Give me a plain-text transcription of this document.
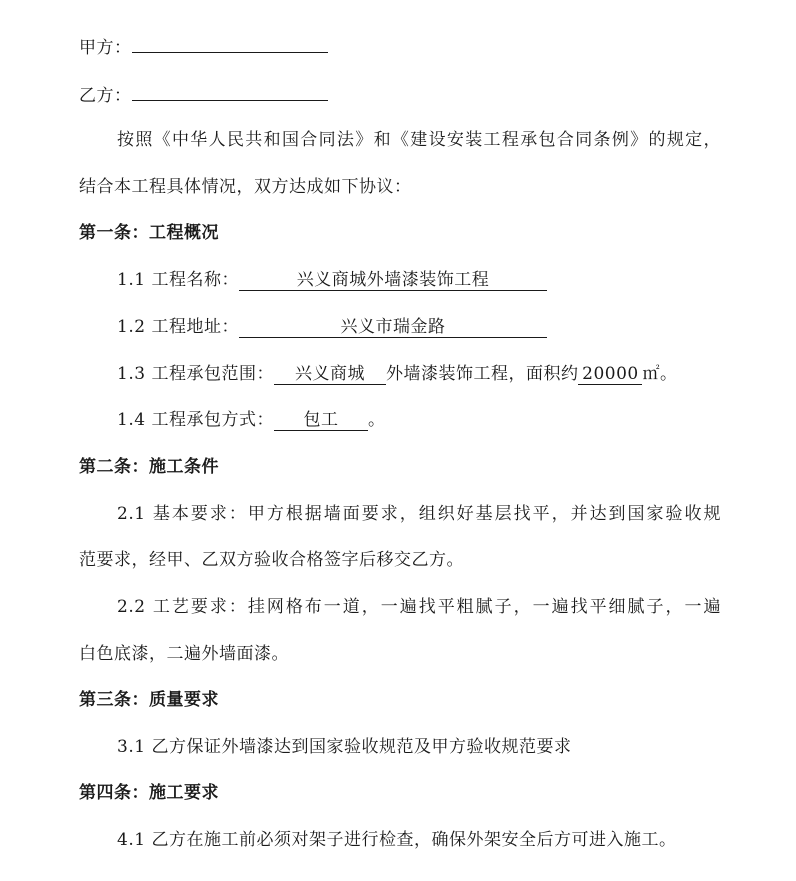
甲方：
乙方：
按照《中华人民共和国合同法》和《建设安装工程承包合同条例》的规定，
结合本工程具体情况，双方达成如下协议：
第一条：工程概况
1.1 工程名称：	兴义商城外墙漆装饰工程
1.2 工程地址：	兴义市瑞金路
1.3 工程承包范围： 兴义商城 外墙漆装饰工程，面积约 20000 ㎡。
1.4 工程承包方式： 包工 。
第二条：施工条件
2.1 基本要求：甲方根据墙面要求，组织好基层找平，并达到国家验收规
范要求，经甲、乙双方验收合格签字后移交乙方。
2.2 工艺要求：挂网格布一道，一遍找平粗腻子，一遍找平细腻子，一遍
白色底漆，二遍外墙面漆。
第三条：质量要求
3.1 乙方保证外墙漆达到国家验收规范及甲方验收规范要求
第四条：施工要求
4.1 乙方在施工前必须对架子进行检查，确保外架安全后方可进入施工。
